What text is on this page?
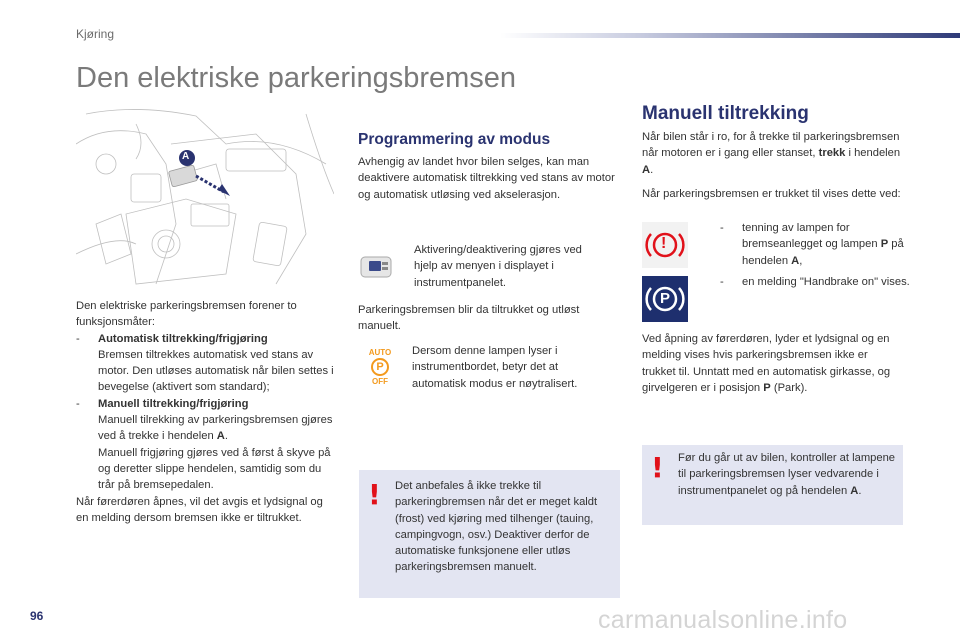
Kjøring
Den elektriske parkeringsbremsen
A
Den elektriske parkeringsbremsen forener to funksjonsmåter:
- Automatisk tiltrekking/frigjøring
Bremsen tiltrekkes automatisk ved stans av motor. Den utløses automatisk når bilen settes i bevegelse (aktivert som standard);
- Manuell tiltrekking/frigjøring
Manuell tilrekking av parkeringsbremsen gjøres ved å trekke i hendelen A.
Manuell frigjøring gjøres ved å først å skyve på og deretter slippe hendelen, samtidig som du trår på bremsepedalen.
Når førerdøren åpnes, vil det avgis et lydsignal og en melding dersom bremsen ikke er tiltrukket.
Programmering av modus
Avhengig av landet hvor bilen selges, kan man deaktivere automatisk tiltrekking ved stans av motor og automatisk utløsing ved akselerasjon.
Aktivering/deaktivering gjøres ved hjelp av menyen i displayet i instrumentpanelet.
Parkeringsbremsen blir da tiltrukket og utløst manuelt.
AUTO
P
OFF
Dersom denne lampen lyser i instrumentbordet, betyr det at automatisk modus er nøytralisert.
! Det anbefales å ikke trekke til parkeringbremsen når det er meget kaldt (frost) ved kjøring med tilhenger (tauing, campingvogn, osv.) Deaktiver derfor de automatiske funksjonene eller utløs parkeringsbremsen manuelt.
Manuell tiltrekking
Når bilen står i ro, for å trekke til parkeringsbremsen når motoren er i gang eller stanset, trekk i hendelen A.
Når parkeringsbremsen er trukket til vises dette ved:
!
- tenning av lampen for bremseanlegget og lampen P på hendelen A,
P
- en melding "Handbrake on" vises.
Ved åpning av førerdøren, lyder et lydsignal og en melding vises hvis parkeringsbremsen ikke er trukket til. Unntatt med en automatisk girkasse, og girvelgeren er i posisjon P (Park).
! Før du går ut av bilen, kontroller at lampene til parkeringsbremsen lyser vedvarende i instrumentpanelet og på hendelen A.
96	carmanualsonline.info
